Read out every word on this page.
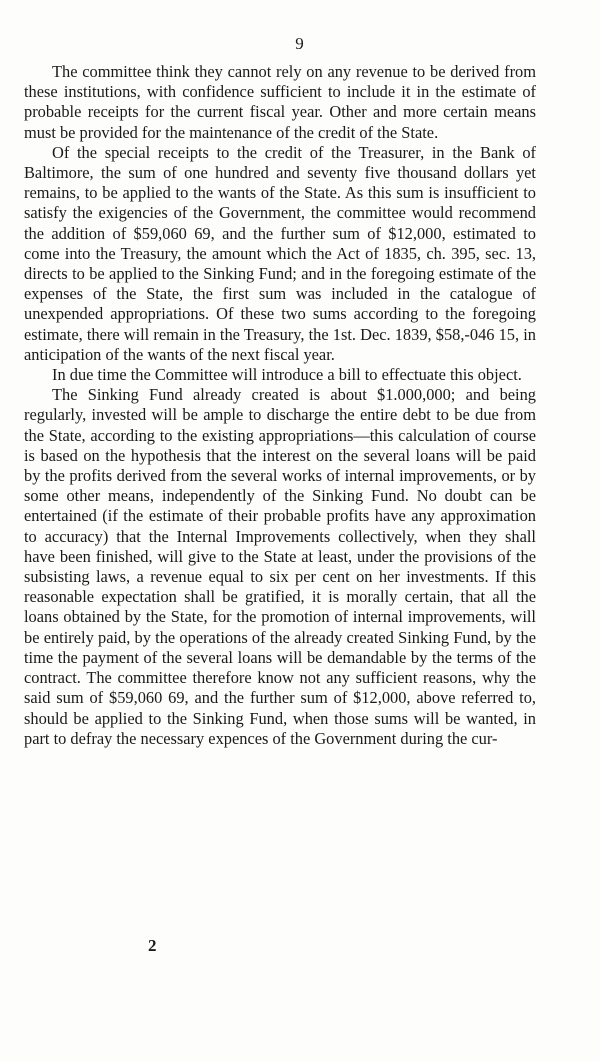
9

The committee think they cannot rely on any revenue to be derived from these institutions, with confidence sufficient to include it in the estimate of probable receipts for the current fiscal year. Other and more certain means must be provided for the maintenance of the credit of the State.

Of the special receipts to the credit of the Treasurer, in the Bank of Baltimore, the sum of one hundred and seventy five thousand dollars yet remains, to be applied to the wants of the State. As this sum is insufficient to satisfy the exigencies of the Government, the committee would recommend the addition of $59,060 69, and the further sum of $12,000, estimated to come into the Treasury, the amount which the Act of 1835, ch. 395, sec. 13, directs to be applied to the Sinking Fund; and in the foregoing estimate of the expenses of the State, the first sum was included in the catalogue of unexpended appropriations. Of these two sums according to the foregoing estimate, there will remain in the Treasury, the 1st. Dec. 1839, $58,-046 15, in anticipation of the wants of the next fiscal year.

In due time the Committee will introduce a bill to effectuate this object.

The Sinking Fund already created is about $1.000,000; and being regularly, invested will be ample to discharge the entire debt to be due from the State, according to the existing appropriations—this calculation of course is based on the hypothesis that the interest on the several loans will be paid by the profits derived from the several works of internal improvements, or by some other means, independently of the Sinking Fund. No doubt can be entertained (if the estimate of their probable profits have any approximation to accuracy) that the Internal Improvements collectively, when they shall have been finished, will give to the State at least, under the provisions of the subsisting laws, a revenue equal to six per cent on her investments. If this reasonable expectation shall be gratified, it is morally certain, that all the loans obtained by the State, for the promotion of internal improvements, will be entirely paid, by the operations of the already created Sinking Fund, by the time the payment of the several loans will be demandable by the terms of the contract. The committee therefore know not any sufficient reasons, why the said sum of $59,060 69, and the further sum of $12,000, above referred to, should be applied to the Sinking Fund, when those sums will be wanted, in part to defray the necessary expences of the Government during the cur-

2
